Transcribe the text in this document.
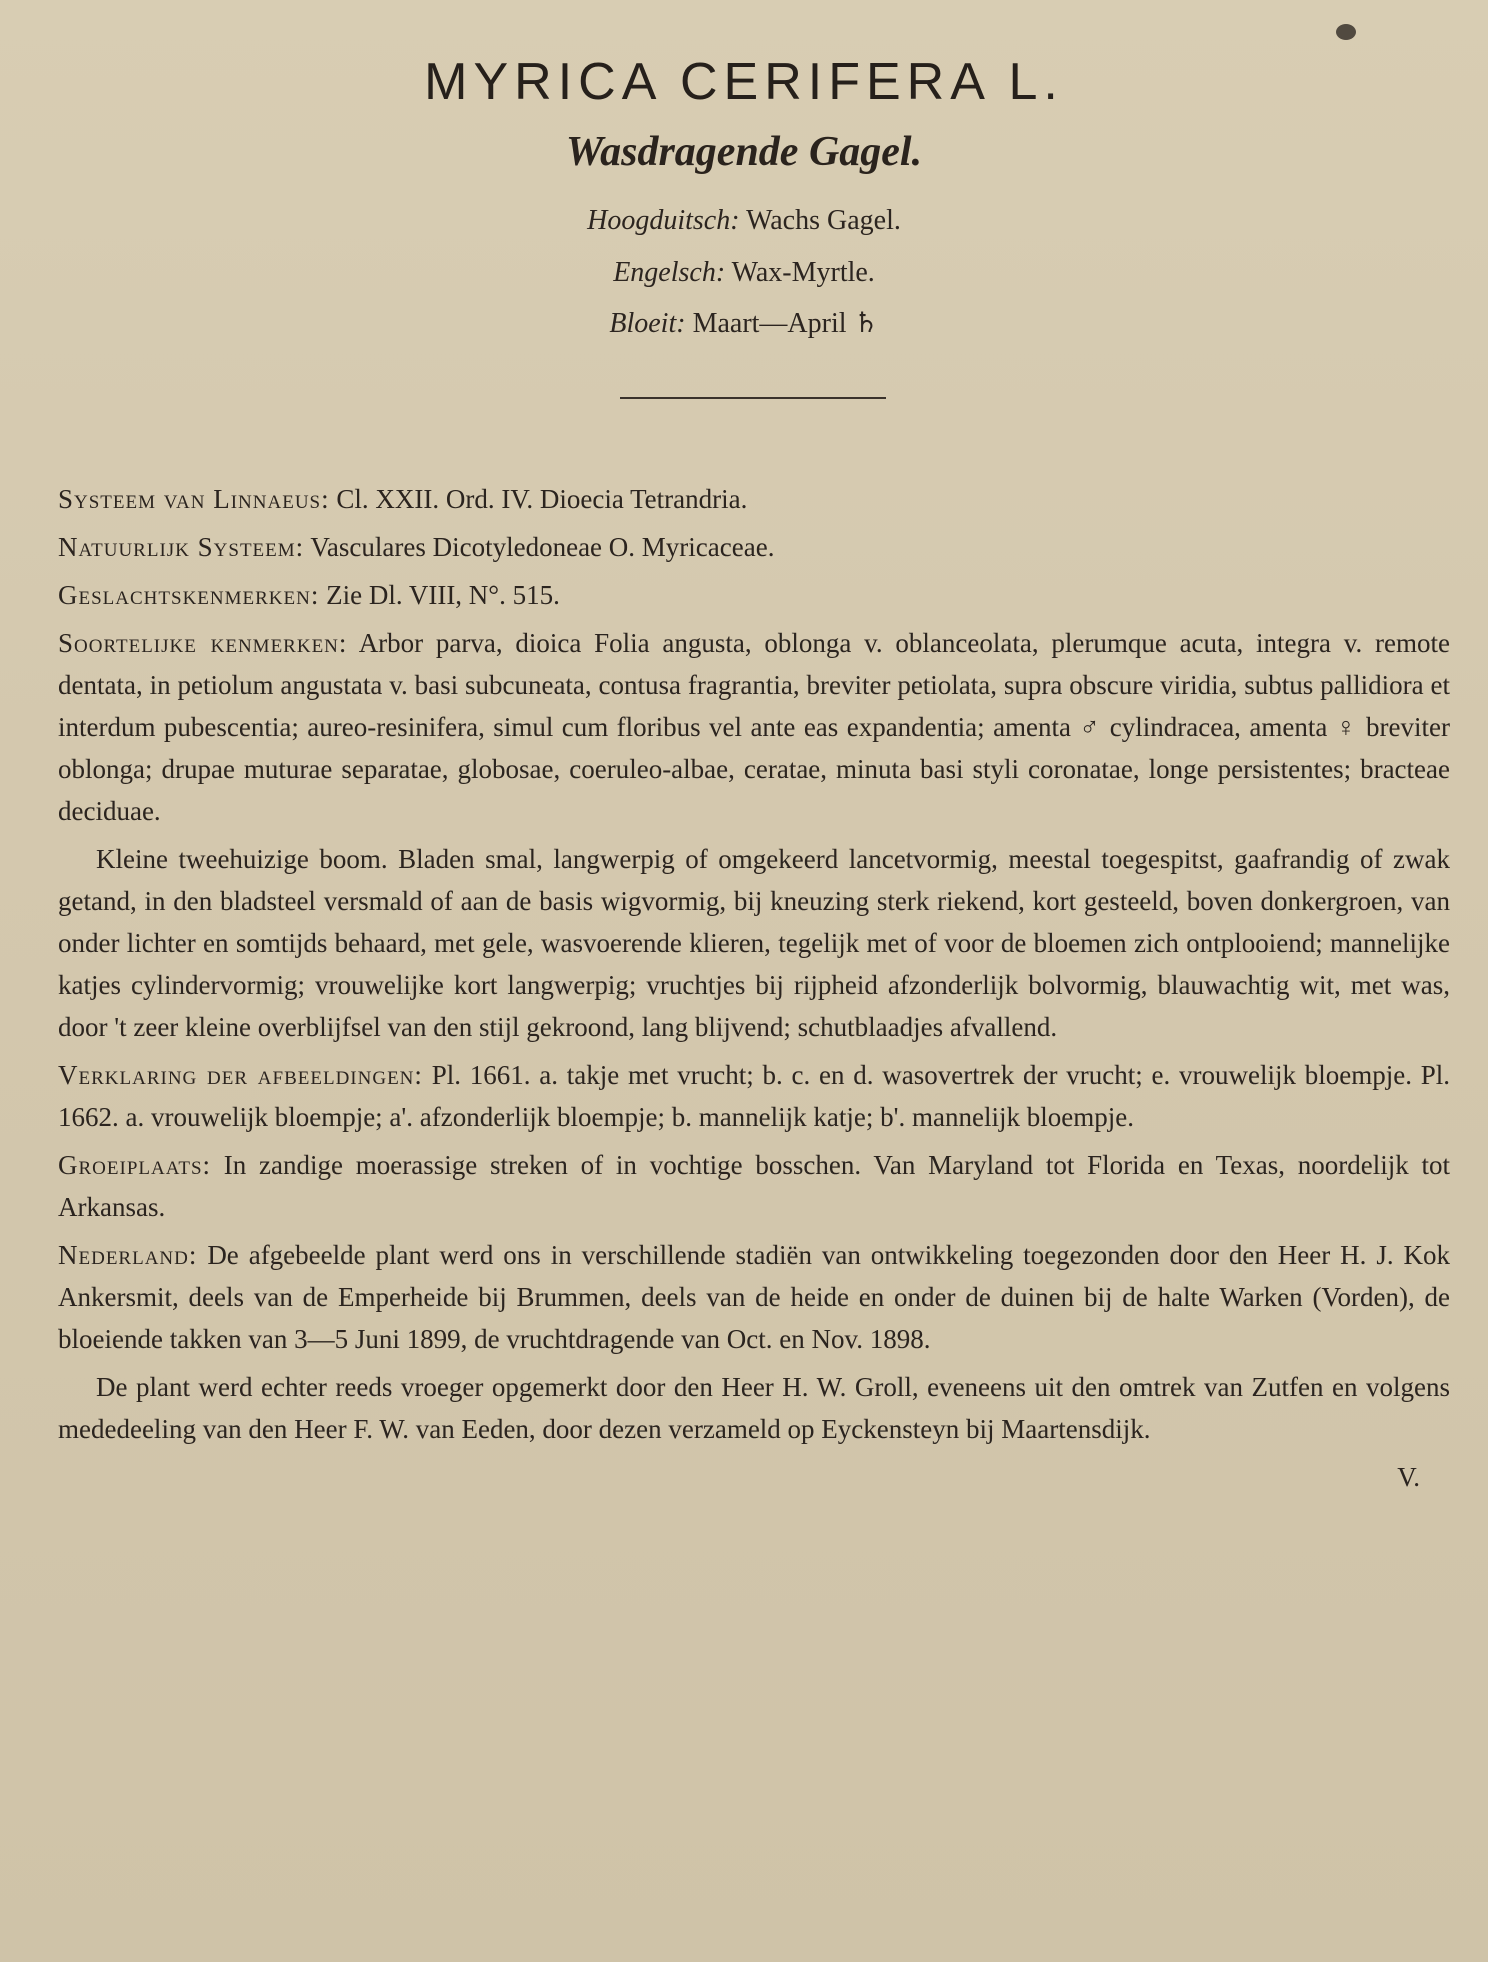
MYRICA CERIFERA L.
Wasdragende Gagel.
Hoogduitsch: Wachs Gagel.
Engelsch: Wax-Myrtle.
Bloeit: Maart—April ♄

Systeem van Linnaeus: Cl. XXII. Ord. IV. Dioecia Tetrandria.

Natuurlijk Systeem: Vasculares Dicotyledoneae O. Myricaceae.

Geslachtskenmerken: Zie Dl. VIII, N°. 515.

Soortelijke kenmerken: Arbor parva, dioica Folia angusta, oblonga v. oblanceolata, plerumque acuta, integra v. remote dentata, in petiolum angustata v. basi subcuneata, contusa fragrantia, breviter petiolata, supra obscure viridia, subtus pallidiora et interdum pubescentia; aureo-resinifera, simul cum floribus vel ante eas expandentia; amenta ♂ cylindracea, amenta ♀ breviter oblonga; drupae muturae separatae, globosae, coeruleo-albae, ceratae, minuta basi styli coronatae, longe persistentes; bracteae deciduae.

Kleine tweehuizige boom. Bladen smal, langwerpig of omgekeerd lancetvormig, meestal toegespitst, gaafrandig of zwak getand, in den bladsteel versmald of aan de basis wigvormig, bij kneuzing sterk riekend, kort gesteeld, boven donkergroen, van onder lichter en somtijds behaard, met gele, wasvoerende klieren, tegelijk met of voor de bloemen zich ontplooiend; mannelijke katjes cylindervormig; vrouwelijke kort langwerpig; vruchtjes bij rijpheid afzonderlijk bolvormig, blauwachtig wit, met was, door 't zeer kleine overblijfsel van den stijl gekroond, lang blijvend; schutblaadjes afvallend.

Verklaring der afbeeldingen: Pl. 1661. a. takje met vrucht; b. c. en d. wasovertrek der vrucht; e. vrouwelijk bloempje. Pl. 1662. a. vrouwelijk bloempje; a'. afzonderlijk bloempje; b. mannelijk katje; b'. mannelijk bloempje.

Groeiplaats: In zandige moerassige streken of in vochtige bosschen. Van Maryland tot Florida en Texas, noordelijk tot Arkansas.

Nederland: De afgebeelde plant werd ons in verschillende stadiën van ontwikkeling toegezonden door den Heer H. J. Kok Ankersmit, deels van de Emperheide bij Brummen, deels van de heide en onder de duinen bij de halte Warken (Vorden), de bloeiende takken van 3—5 Juni 1899, de vruchtdragende van Oct. en Nov. 1898.

De plant werd echter reeds vroeger opgemerkt door den Heer H. W. Groll, eveneens uit den omtrek van Zutfen en volgens mededeeling van den Heer F. W. van Eeden, door dezen verzameld op Eyckensteyn bij Maartensdijk.

V.
